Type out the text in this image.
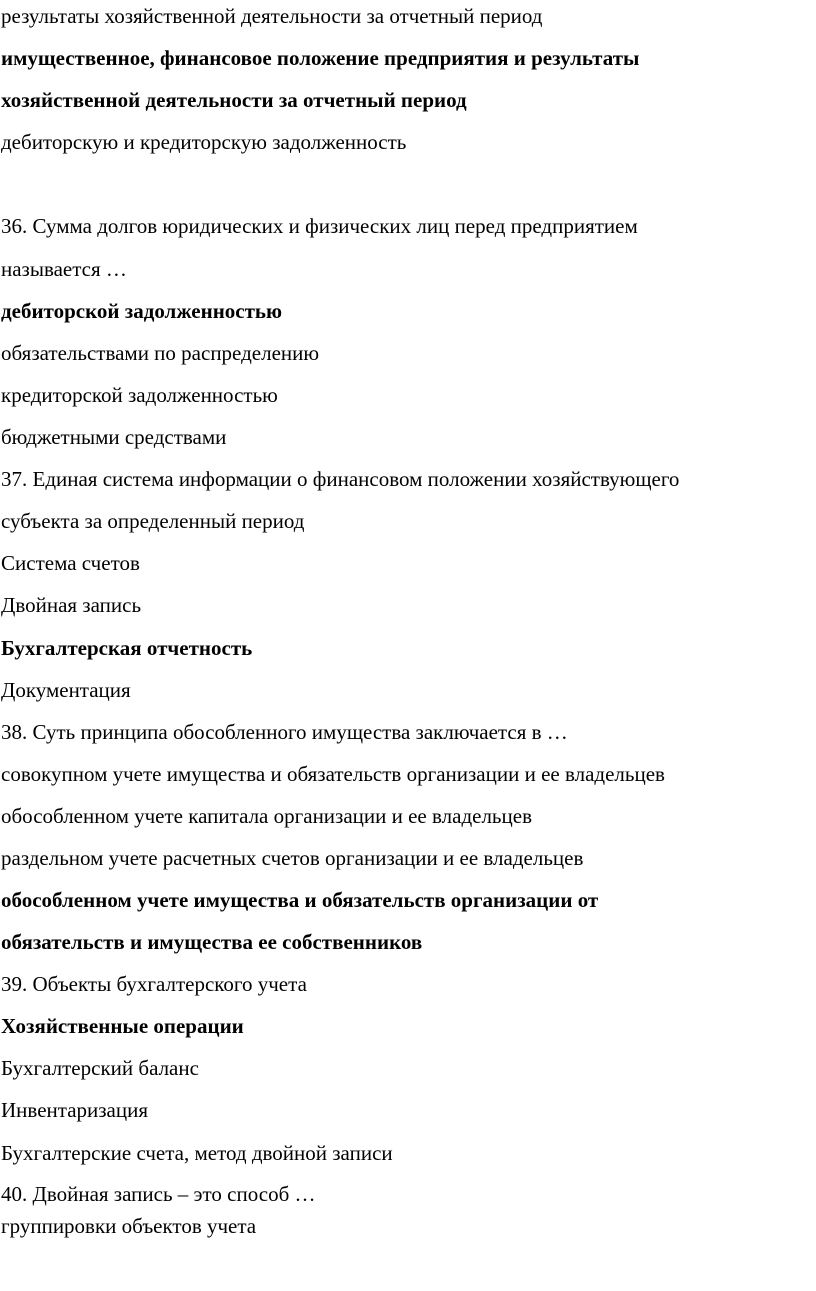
результаты хозяйственной деятельности за отчетный период
имущественное, финансовое положение предприятия и результаты
хозяйственной деятельности за отчетный период
дебиторскую и кредиторскую задолженность
36. Сумма долгов юридических и физических лиц перед предприятием
называется …
дебиторской задолженностью
обязательствами по распределению
кредиторской задолженностью
бюджетными средствами
37. Единая система информации о финансовом положении хозяйствующего
субъекта за определенный период
Система счетов
Двойная запись
Бухгалтерская отчетность
Документация
38. Суть принципа обособленного имущества заключается в …
совокупном учете имущества и обязательств организации и ее владельцев
обособленном учете капитала организации и ее владельцев
раздельном учете расчетных счетов организации и ее владельцев
обособленном учете имущества и обязательств организации от
обязательств и имущества ее собственников
39. Объекты бухгалтерского учета
Хозяйственные операции
Бухгалтерский баланс
Инвентаризация
Бухгалтерские счета, метод двойной записи
40. Двойная запись – это способ …
группировки объектов учета
